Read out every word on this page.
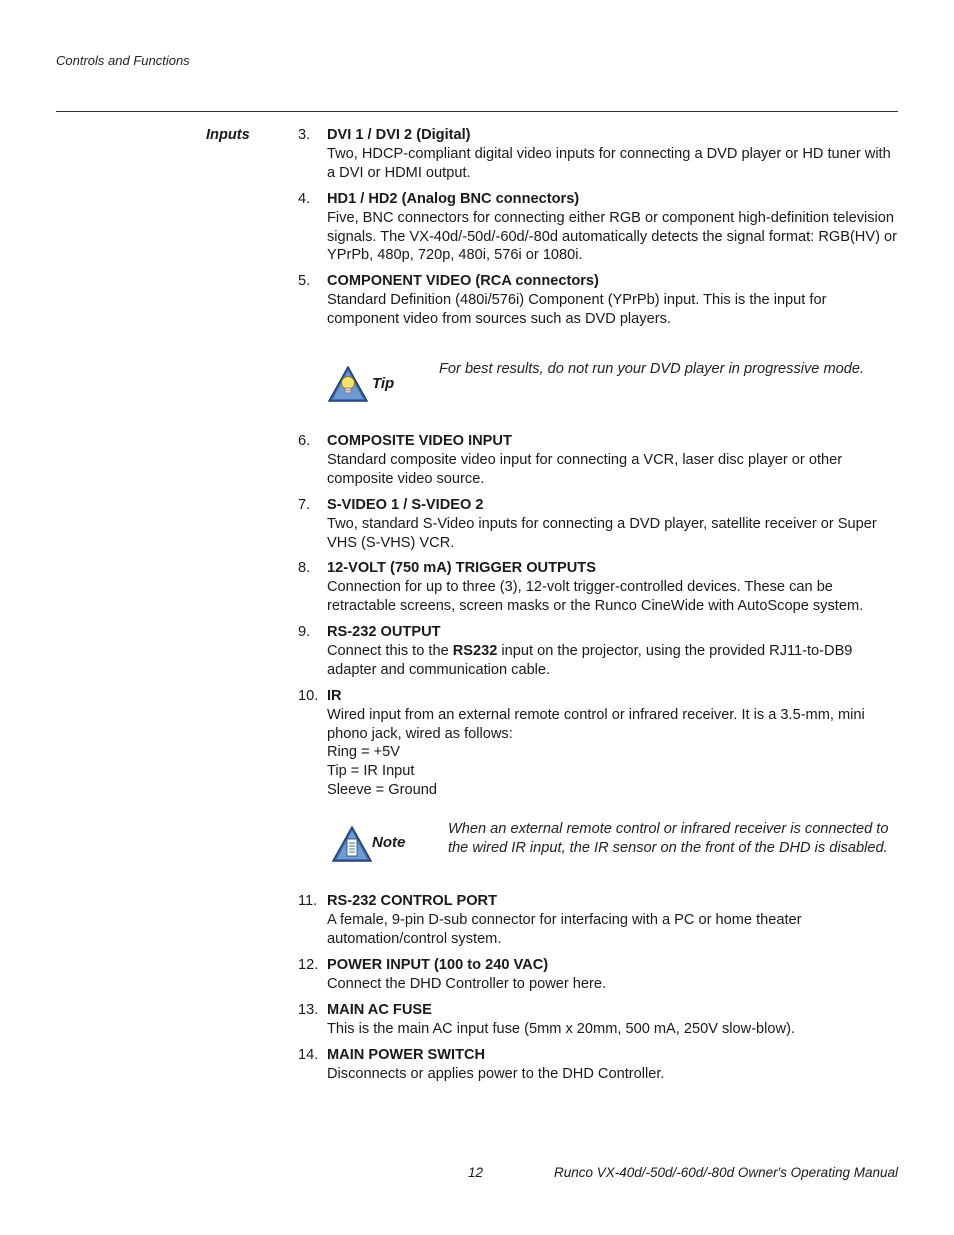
Controls and Functions
Inputs	3.	DVI 1 / DVI 2 (Digital)
Two, HDCP-compliant digital video inputs for connecting a DVD player or HD tuner with a DVI or HDMI output.
4.	HD1 / HD2 (Analog BNC connectors)
Five, BNC connectors for connecting either RGB or component high-definition television signals. The VX-40d/-50d/-60d/-80d automatically detects the signal format: RGB(HV) or YPrPb, 480p, 720p, 480i, 576i or 1080i.
5.	COMPONENT VIDEO (RCA connectors)
Standard Definition (480i/576i) Component (YPrPb) input. This is the input for component video from sources such as DVD players.
Tip
For best results, do not run your DVD player in progressive mode.
6.	COMPOSITE VIDEO INPUT
Standard composite video input for connecting a VCR, laser disc player or other composite video source.
7.	S-VIDEO 1 / S-VIDEO 2
Two, standard S-Video inputs for connecting a DVD player, satellite receiver or Super VHS (S-VHS) VCR.
8.	12-VOLT (750 mA) TRIGGER OUTPUTS
Connection for up to three (3), 12-volt trigger-controlled devices. These can be retractable screens, screen masks or the Runco CineWide with AutoScope system.
9.	RS-232 OUTPUT
Connect this to the RS232 input on the projector, using the provided RJ11-to-DB9 adapter and communication cable.
10. IR
Wired input from an external remote control or infrared receiver. It is a 3.5-mm, mini phono jack, wired as follows:
Ring = +5V
Tip = IR Input
Sleeve = Ground
Note
When an external remote control or infrared receiver is connected to the wired IR input, the IR sensor on the front of the DHD is disabled.
11. RS-232 CONTROL PORT
A female, 9-pin D-sub connector for interfacing with a PC or home theater automation/control system.
12. POWER INPUT (100 to 240 VAC)
Connect the DHD Controller to power here.
13. MAIN AC FUSE
This is the main AC input fuse (5mm x 20mm, 500 mA, 250V slow-blow).
14. MAIN POWER SWITCH
Disconnects or applies power to the DHD Controller.
12	Runco VX-40d/-50d/-60d/-80d Owner's Operating Manual
